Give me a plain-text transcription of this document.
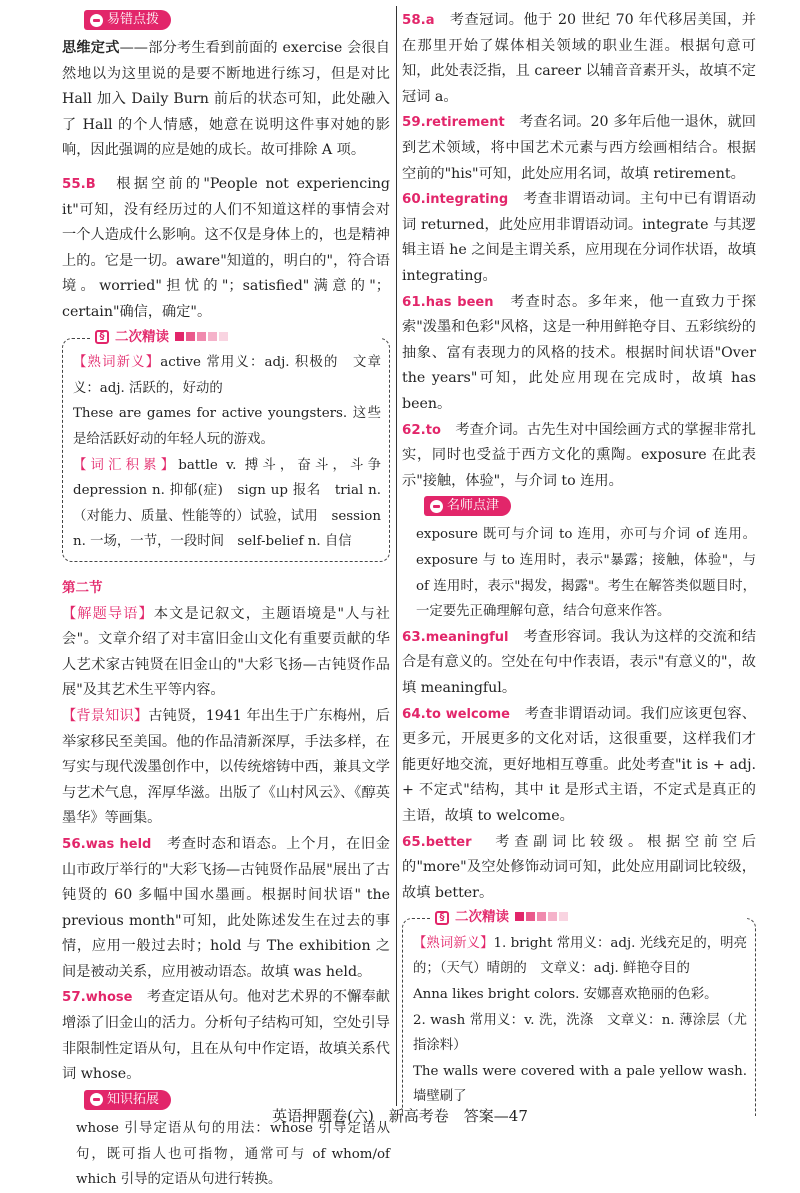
易错点拨

思维定式——部分考生看到前面的 exercise 会很自然地以为这里说的是要不断地进行练习，但是对比 Hall 加入 Daily Burn 前后的状态可知，此处融入了 Hall 的个人情感，她意在说明这件事对她的影响，因此强调的应是她的成长。故可排除 A 项。

55.B　 根据空前的"People not experiencing it"可知，没有经历过的人们不知道这样的事情会对一个人造成什么影响。这不仅是身体上的，也是精神上的。它是一切。aware"知道的，明白的"，符合语境。worried"担忧的"；satisfied"满意的"；certain"确信，确定"。

§ 二次精读

【熟词新义】active 常用义：adj. 积极的　文章义：adj. 活跃的，好动的

These are games for active youngsters. 这些是给活跃好动的年轻人玩的游戏。

【词汇积累】battle v. 搏斗，奋斗，斗争　depression n. 抑郁(症)　sign up 报名　trial n.（对能力、质量、性能等的）试验，试用　session n. 一场，一节，一段时间　self-belief n. 自信

第二节

【解题导语】本文是记叙文，主题语境是"人与社会"。文章介绍了对丰富旧金山文化有重要贡献的华人艺术家古钝贤在旧金山的"大彩飞扬—古钝贤作品展"及其艺术生平等内容。

【背景知识】古钝贤，1941 年出生于广东梅州，后举家移民至美国。他的作品清新深厚，手法多样，在写实与现代泼墨创作中，以传统熔铸中西，兼具文学与艺术气息，浑厚华滋。出版了《山村风云》、《醇英墨华》等画集。

56.was held　 考查时态和语态。上个月，在旧金山市政厅举行的"大彩飞扬—古钝贤作品展"展出了古钝贤的 60 多幅中国水墨画。根据时间状语" the previous month"可知，此处陈述发生在过去的事情，应用一般过去时；hold 与 The exhibition 之间是被动关系，应用被动语态。故填 was held。

57.whose　 考查定语从句。他对艺术界的不懈奉献增添了旧金山的活力。分析句子结构可知，空处引导非限制性定语从句，且在从句中作定语，故填关系代词 whose。

知识拓展

whose 引导定语从句的用法：whose 引导定语从句，既可指人也可指物，通常可与 of whom/of which 引导的定语从句进行转换。

58.a　 考查冠词。他于 20 世纪 70 年代移居美国，并在那里开始了媒体相关领域的职业生涯。根据句意可知，此处表泛指，且 career 以辅音音素开头，故填不定冠词 a。

59.retirement　 考查名词。20 多年后他一退休，就回到艺术领域，将中国艺术元素与西方绘画相结合。根据空前的"his"可知，此处应用名词，故填 retirement。

60.integrating　 考查非谓语动词。主句中已有谓语动词 returned，此处应用非谓语动词。integrate 与其逻辑主语 he 之间是主谓关系，应用现在分词作状语，故填 integrating。

61.has been　 考查时态。多年来，他一直致力于探索"泼墨和色彩"风格，这是一种用鲜艳夺目、五彩缤纷的抽象、富有表现力的风格的技术。根据时间状语"Over the years"可知，此处应用现在完成时，故填 has been。

62.to　 考查介词。古先生对中国绘画方式的掌握非常扎实，同时也受益于西方文化的熏陶。exposure 在此表示"接触，体验"，与介词 to 连用。

名师点津

exposure 既可与介词 to 连用，亦可与介词 of 连用。exposure 与 to 连用时，表示"暴露；接触，体验"，与 of 连用时，表示"揭发，揭露"。考生在解答类似题目时，一定要先正确理解句意，结合句意来作答。

63.meaningful　 考查形容词。我认为这样的交流和结合是有意义的。空处在句中作表语，表示"有意义的"，故填 meaningful。

64.to welcome　 考查非谓语动词。我们应该更包容、更多元，开展更多的文化对话，这很重要，这样我们才能更好地交流，更好地相互尊重。此处考查"it is + adj. + 不定式"结构，其中 it 是形式主语，不定式是真正的主语，故填 to welcome。

65.better　 考查副词比较级。根据空前空后的"more"及空处修饰动词可知，此处应用副词比较级，故填 better。

§ 二次精读

【熟词新义】1. bright 常用义：adj. 光线充足的，明亮的；（天气）晴朗的　文章义：adj. 鲜艳夺目的

Anna likes bright colors. 安娜喜欢艳丽的色彩。

2. wash 常用义：v. 洗，洗涤　文章义：n. 薄涂层（尤指涂料）

The walls were covered with a pale yellow wash. 墙壁刷了

英语押题卷(六)　新高考卷　答案—47
